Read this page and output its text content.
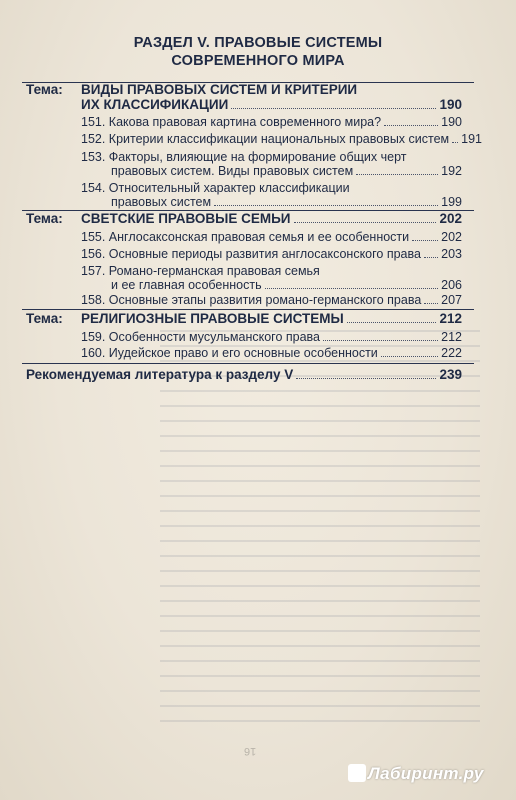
РАЗДЕЛ V. ПРАВОВЫЕ СИСТЕМЫ
СОВРЕМЕННОГО МИРА
Тема: ВИДЫ ПРАВОВЫХ СИСТЕМ И КРИТЕРИИ
ИХ КЛАССИФИКАЦИИ	190
151. Какова правовая картина современного мира?	190
152. Критерии классификации национальных правовых систем 191
153. Факторы, влияющие на формирование общих черт
правовых систем. Виды правовых систем	192
154. Относительный характер классификации
правовых систем	199
Тема: СВЕТСКИЕ ПРАВОВЫЕ СЕМЬИ	202
155. Англосаксонская правовая семья и ее особенности	202
156. Основные периоды развития англосаксонского права 203
157. Романо-германская правовая семья
и ее главная особенность	206
158. Основные этапы развития романо-германского права 207
Тема: РЕЛИГИОЗНЫЕ ПРАВОВЫЕ СИСТЕМЫ	212
159. Особенности мусульманского права	212
160. Иудейское право и его основные особенности	222
Рекомендуемая литература к разделу V	239
16
Лабиринт.ру
